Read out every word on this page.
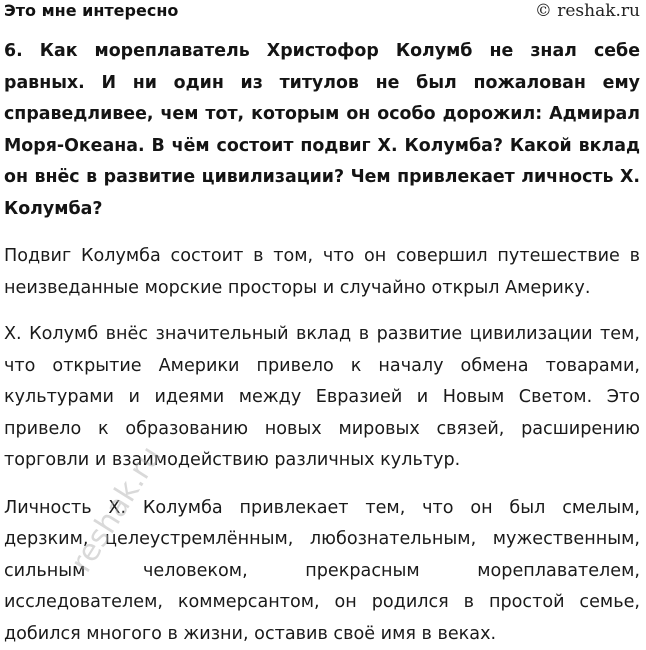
Это мне интересно	© reshak.ru

6. Как мореплаватель Христофор Колумб не знал себе равных. И ни один из титулов не был пожалован ему справедливее, чем тот, которым он особо дорожил: Адмирал Моря-Океана. В чём состоит подвиг Х. Колумба? Какой вклад он внёс в развитие цивилизации? Чем привлекает личность Х. Колумба?

Подвиг Колумба состоит в том, что он совершил путешествие в неизведанные морские просторы и случайно открыл Америку.

Х. Колумб внёс значительный вклад в развитие цивилизации тем, что открытие Америки привело к началу обмена товарами, культурами и идеями между Евразией и Новым Светом. Это привело к образованию новых мировых связей, расширению торговли и взаимодействию различных культур.

Личность Х. Колумба привлекает тем, что он был смелым, дерзким, целеустремлённым, любознательным, мужественным, сильным человеком, прекрасным мореплавателем, исследователем, коммерсантом, он родился в простой семье, добился многого в жизни, оставив своё имя в веках.

reshak.ru
